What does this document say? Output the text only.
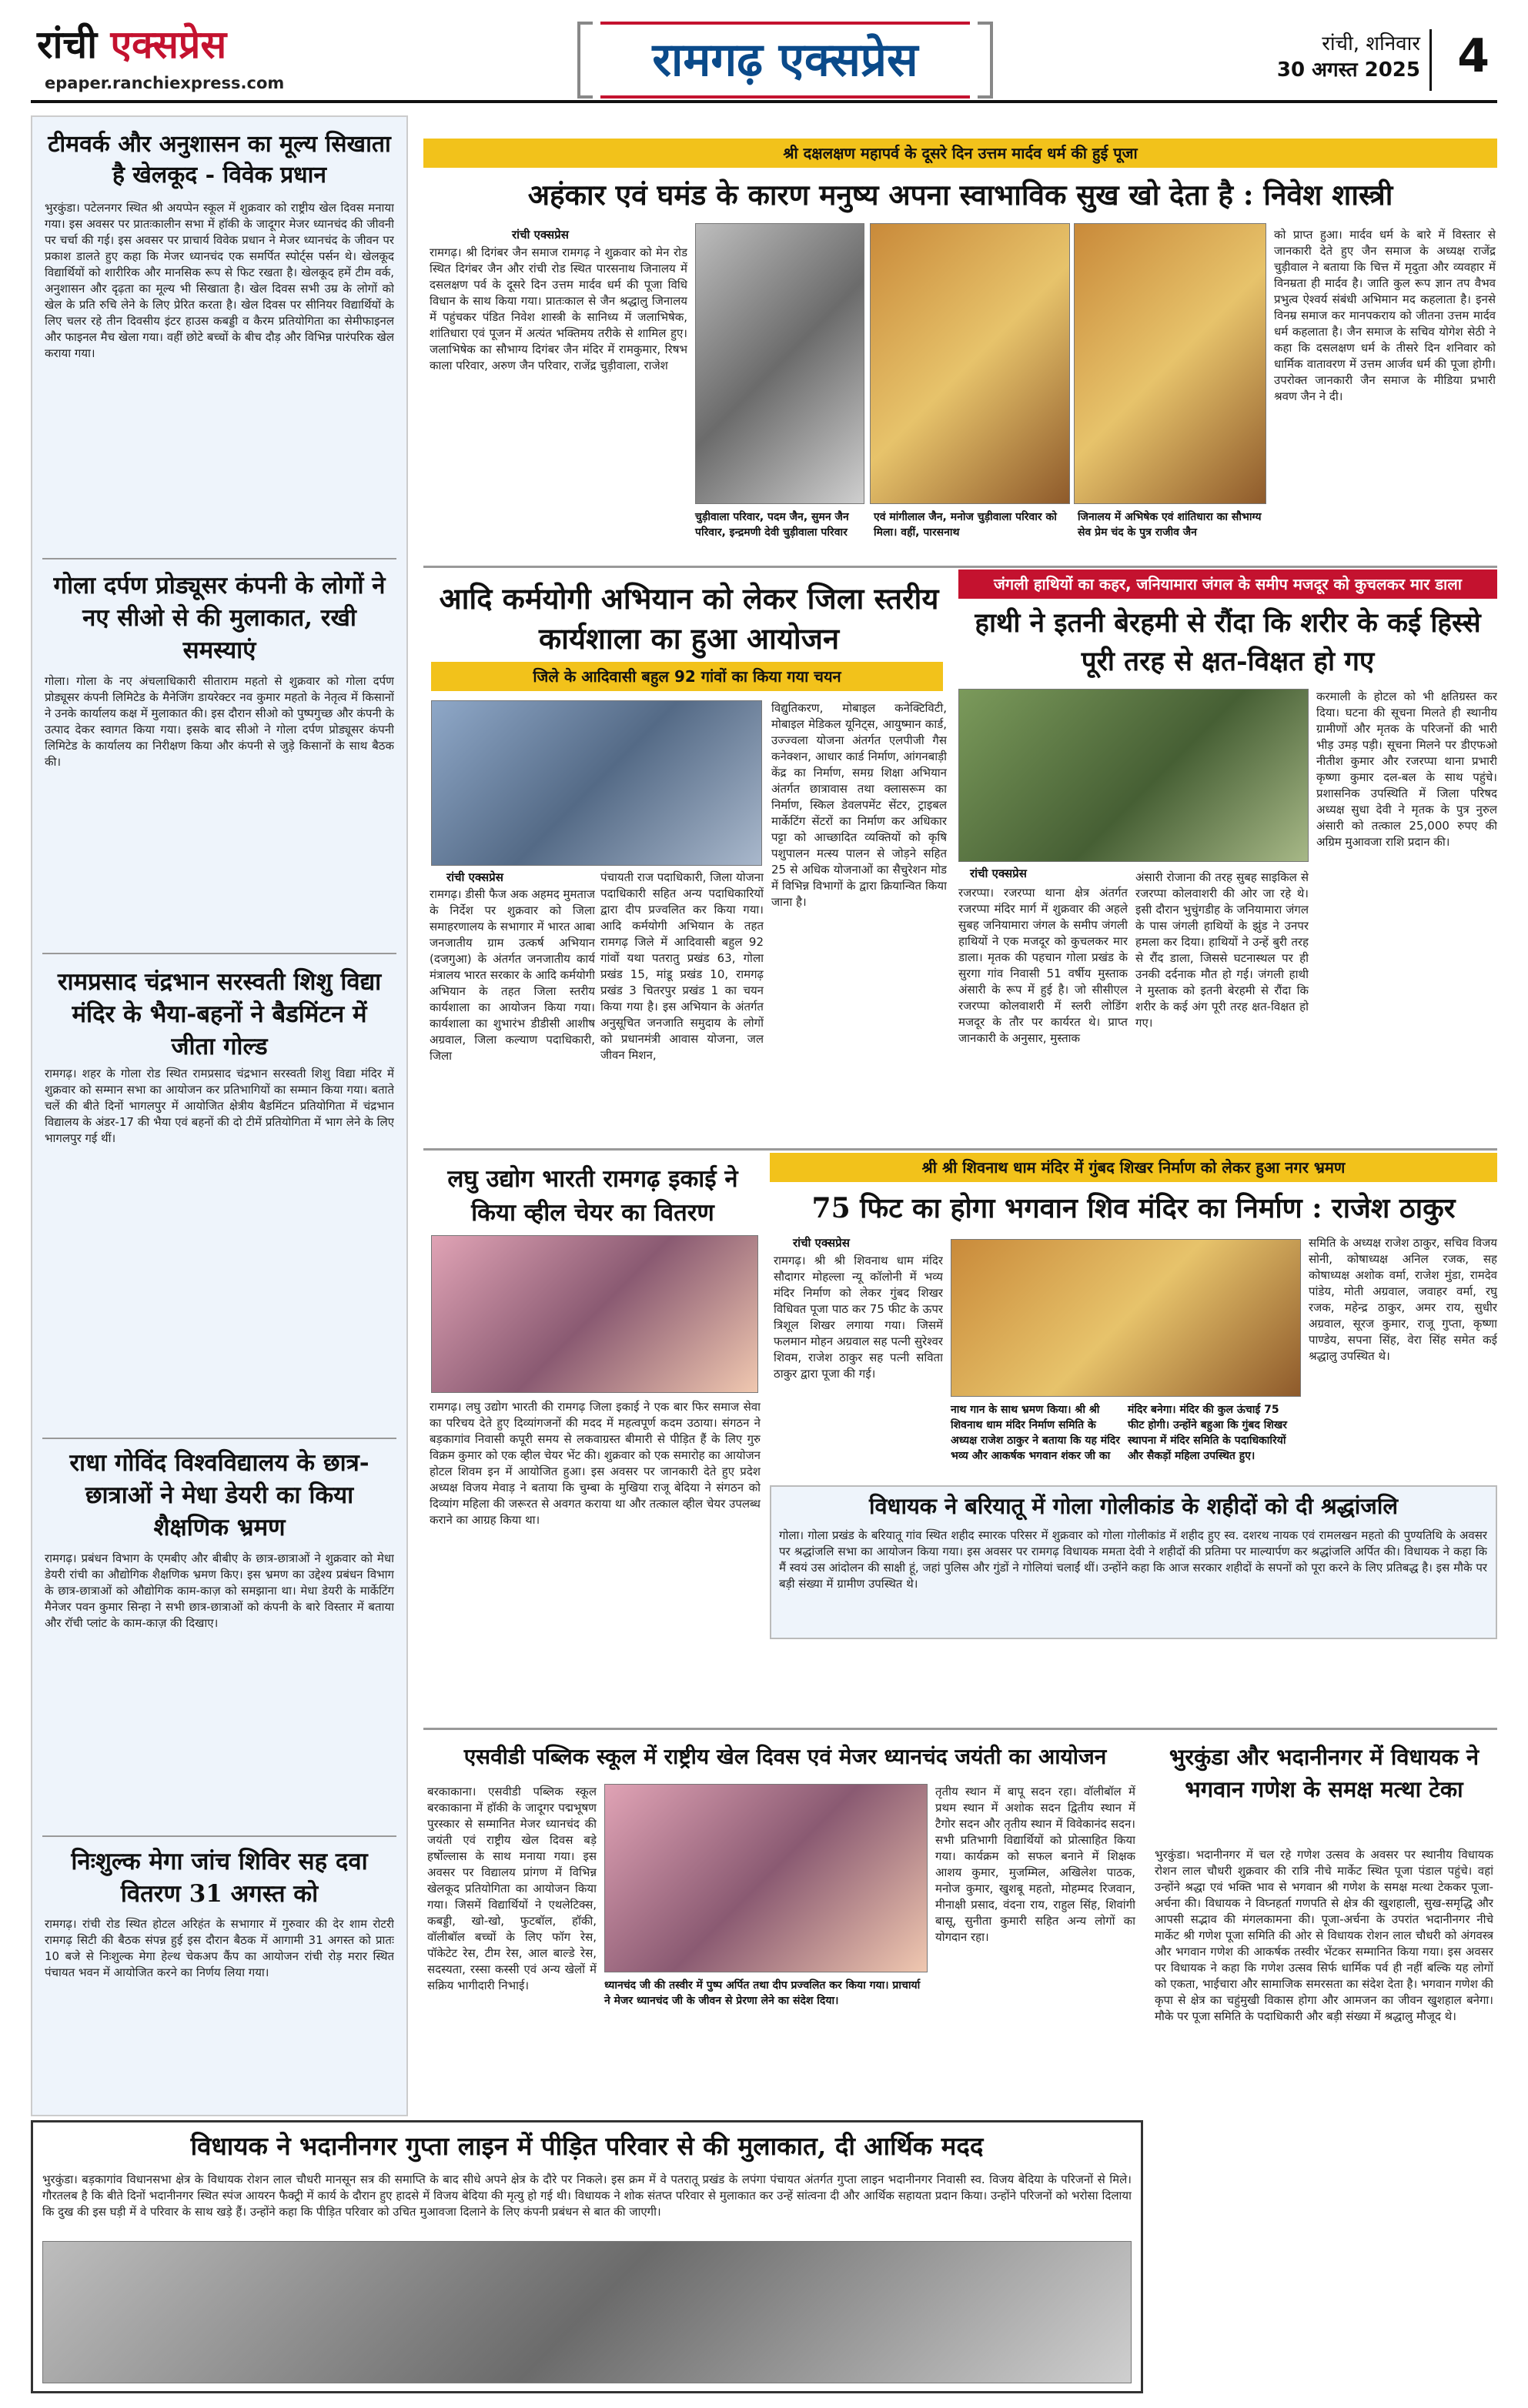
रांची एक्सप्रेस
epaper.ranchiexpress.com	रामगढ़ एक्सप्रेस	रांची, शनिवार
30 अगस्त 2025 4
टीमवर्क और अनुशासन का मूल्य सिखाता है खेलकूद - विवेक प्रधान
भुरकुंडा। पटेलनगर स्थित श्री अयप्पेन स्कूल में शुक्रवार को राष्ट्रीय खेल दिवस मनाया गया। इस अवसर पर प्रातःकालीन सभा में हॉकी के जादूगर मेजर ध्यानचंद की जीवनी पर चर्चा की गई। इस अवसर पर प्राचार्य विवेक प्रधान ने मेजर ध्यानचंद के जीवन पर प्रकाश डालते हुए कहा कि मेजर ध्यानचंद एक समर्पित स्पोर्ट्स पर्सन थे। खेलकूद विद्यार्थियों को शारीरिक और मानसिक रूप से फिट रखता है। खेलकूद हमें टीम वर्क, अनुशासन और दृढ़ता का मूल्य भी सिखाता है। खेल दिवस सभी उम्र के लोगों को खेल के प्रति रुचि लेने के लिए प्रेरित करता है। खेल दिवस पर सीनियर विद्यार्थियों के लिए चलर रहे तीन दिवसीय इंटर हाउस कबड्डी व कैरम प्रतियोगिता का सेमीफाइनल और फाइनल मैच खेला गया। वहीं छोटे बच्चों के बीच दौड़ और विभिन्न पारंपरिक खेल कराया गया।
गोला दर्पण प्रोड्यूसर कंपनी के लोगों ने नए सीओ से की मुलाकात, रखी समस्याएं
गोला। गोला के नए अंचलाधिकारी सीताराम महतो से शुक्रवार को गोला दर्पण प्रोड्यूसर कंपनी लिमिटेड के मैनेजिंग डायरेक्टर नव कुमार महतो के नेतृत्व में किसानों ने उनके कार्यालय कक्ष में मुलाकात की। इस दौरान सीओ को पुष्पगुच्छ और कंपनी के उत्पाद देकर स्वागत किया गया। इसके बाद सीओ ने गोला दर्पण प्रोड्यूसर कंपनी लिमिटेड के कार्यालय का निरीक्षण किया और कंपनी से जुड़े किसानों के साथ बैठक की।
रामप्रसाद चंद्रभान सरस्वती शिशु विद्या मंदिर के भैया-बहनों ने बैडमिंटन में जीता गोल्ड
रामगढ़। शहर के गोला रोड स्थित रामप्रसाद चंद्रभान सरस्वती शिशु विद्या मंदिर में शुक्रवार को सम्मान सभा का आयोजन कर प्रतिभागियों का सम्मान किया गया। बताते चलें की बीते दिनों भागलपुर में आयोजित क्षेत्रीय बैडमिंटन प्रतियोगिता में चंद्रभान विद्यालय के अंडर-17 की भैया एवं बहनों की दो टीमें प्रतियोगिता में भाग लेने के लिए भागलपुर गई थीं।
राधा गोविंद विश्वविद्यालय के छात्र-छात्राओं ने मेधा डेयरी का किया शैक्षणिक भ्रमण
रामगढ़। प्रबंधन विभाग के एमबीए और बीबीए के छात्र-छात्राओं ने शुक्रवार को मेधा डेयरी रांची का औद्योगिक शैक्षणिक भ्रमण किए। इस भ्रमण का उद्देश्य प्रबंधन विभाग के छात्र-छात्राओं को औद्योगिक काम-काज़ को समझाना था। मेधा डेयरी के मार्केटिंग मैनेजर पवन कुमार सिन्हा ने सभी छात्र-छात्राओं को कंपनी के बारे विस्तार में बताया और रॉची प्लांट के काम-काज़ की दिखाए।
निःशुल्क मेगा जांच शिविर सह दवा वितरण 31 अगस्त को
रामगढ़। रांची रोड स्थित होटल अरिहंत के सभागार में गुरुवार की देर शाम रोटरी रामगढ़ सिटी की बैठक संपन्न हुई इस दौरान बैठक में आगामी 31 अगस्त को प्रातः 10 बजे से निःशुल्क मेगा हेल्थ चेकअप कैंप का आयोजन रांची रोड़ मरार स्थित पंचायत भवन में आयोजित करने का निर्णय लिया गया।
श्री दक्षलक्षण महापर्व के दूसरे दिन उत्तम मार्दव धर्म की हुई पूजा
अहंकार एवं घमंड के कारण मनुष्य अपना स्वाभाविक सुख खो देता है : निवेश शास्त्री
रांची एक्सप्रेस
रामगढ़। श्री दिगंबर जैन समाज रामगढ़ ने शुक्रवार को मेन रोड स्थित दिगंबर जैन और रांची रोड स्थित पारसनाथ जिनालय में दसलक्षण पर्व के दूसरे दिन उत्तम मार्दव धर्म की पूजा विधि विधान के साथ किया गया। प्रातःकाल से जैन श्रद्धालु जिनालय में पहुंचकर पंडित निवेश शास्त्री के सानिध्य में जलाभिषेक, शांतिधारा एवं पूजन में अत्यंत भक्तिमय तरीके से शामिल हुए। जलाभिषेक का सौभाग्य दिगंबर जैन मंदिर में रामकुमार, रिषभ काला परिवार, अरुण जैन परिवार, राजेंद्र चुड़ीवाला, राजेश
चुड़ीवाला परिवार, पदम जैन, सुमन जैन परिवार, इन्द्रमणी देवी चुड़ीवाला परिवार
एवं मांगीलाल जैन, मनोज चुड़ीवाला परिवार को मिला। वहीं, पारसनाथ
जिनालय में अभिषेक एवं शांतिधारा का सौभाग्य सेव प्रेम चंद के पुत्र राजीव जैन
को प्राप्त हुआ। मार्दव धर्म के बारे में विस्तार से जानकारी देते हुए जैन समाज के अध्यक्ष राजेंद्र चुड़ीवाल ने बताया कि चित्त में मृदुता और व्यवहार में विनम्रता ही मार्दव है। जाति कुल रूप ज्ञान तप वैभव प्रभुत्व ऐश्वर्य संबंधी अभिमान मद कहलाता है। इनसे विनम्र समाज कर मानपकराय को जीतना उत्तम मार्दव धर्म कहलाता है। जैन समाज के सचिव योगेश सेठी ने कहा कि दसलक्षण धर्म के तीसरे दिन शनिवार को धार्मिक वातावरण में उत्तम आर्जव धर्म की पूजा होगी। उपरोक्त जानकारी जैन समाज के मीडिया प्रभारी श्रवण जैन ने दी।
आदि कर्मयोगी अभियान को लेकर जिला स्तरीय कार्यशाला का हुआ आयोजन
जिले के आदिवासी बहुल 92 गांवों का किया गया चयन
रांची एक्सप्रेस
रामगढ़। डीसी फैज अक अहमद मुमताज के निर्देश पर शुक्रवार को जिला समाहरणालय के सभागार में भारत आबा जनजातीय ग्राम उत्कर्ष अभियान (दजगुआ) के अंतर्गत जनजातीय कार्य मंत्रालय भारत सरकार के आदि कर्मयोगी अभियान के तहत जिला स्तरीय कार्यशाला का आयोजन किया गया। कार्यशाला का शुभारंभ डीडीसी आशीष अग्रवाल, जिला कल्याण पदाधिकारी, जिला
पंचायती राज पदाधिकारी, जिला योजना पदाधिकारी सहित अन्य पदाधिकारियों द्वारा दीप प्रज्वलित कर किया गया। आदि कर्मयोगी अभियान के तहत रामगढ़ जिले में आदिवासी बहुल 92 गांवों यथा पतरातु प्रखंड 63, गोला प्रखंड 15, मांडू प्रखंड 10, रामगढ़ प्रखंड 3 चितरपुर प्रखंड 1 का चयन किया गया है। इस अभियान के अंतर्गत अनुसूचित जनजाति समुदाय के लोगों को प्रधानमंत्री आवास योजना, जल जीवन मिशन,
विद्युतिकरण, मोबाइल कनेक्टिविटी, मोबाइल मेडिकल यूनिट्स, आयुष्मान कार्ड, उज्ज्वला योजना अंतर्गत एलपीजी गैस कनेक्शन, आधार कार्ड निर्माण, आंगनबाड़ी केंद्र का निर्माण, समग्र शिक्षा अभियान अंतर्गत छात्रावास तथा क्लासरूम का निर्माण, स्किल डेवलपमेंट सेंटर, ट्राइबल मार्केटिंग सेंटरों का निर्माण कर अधिकार पट्टा को आच्छादित व्यक्तियों को कृषि पशुपालन मत्स्य पालन से जोड़ने सहित 25 से अधिक योजनाओं का सैचुरेशन मोड में विभिन्न विभागों के द्वारा क्रियान्वित किया जाना है।
जंगली हाथियों का कहर, जनियामारा जंगल के समीप मजदूर को कुचलकर मार डाला
हाथी ने इतनी बेरहमी से रौंदा कि शरीर के कई हिस्से पूरी तरह से क्षत-विक्षत हो गए
रांची एक्सप्रेस
रजरप्पा। रजरप्पा थाना क्षेत्र अंतर्गत रजरप्पा मंदिर मार्ग में शुक्रवार की अहले सुबह जनियामारा जंगल के समीप जंगली हाथियों ने एक मजदूर को कुचलकर मार डाला। मृतक की पहचान गोला प्रखंड के सुरगा गांव निवासी 51 वर्षीय मुस्ताक अंसारी के रूप में हुई है। जो सीसीएल रजरप्पा कोलवाशरी में स्लरी लोडिंग मजदूर के तौर पर कार्यरत थे। प्राप्त जानकारी के अनुसार, मुस्ताक
अंसारी रोजाना की तरह सुबह साइकिल से रजरप्पा कोलवाशरी की ओर जा रहे थे। इसी दौरान भुचुंगडीह के जनियामारा जंगल के पास जंगली हाथियों के झुंड ने उनपर हमला कर दिया। हाथियों ने उन्हें बुरी तरह से रौंद डाला, जिससे घटनास्थल पर ही उनकी दर्दनाक मौत हो गई। जंगली हाथी ने मुस्ताक को इतनी बेरहमी से रौंदा कि शरीर के कई अंग पूरी तरह क्षत-विक्षत हो गए।
करमाली के होटल को भी क्षतिग्रस्त कर दिया। घटना की सूचना मिलते ही स्थानीय ग्रामीणों और मृतक के परिजनों की भारी भीड़ उमड़ पड़ी। सूचना मिलने पर डीएफओ नीतीश कुमार और रजरप्पा थाना प्रभारी कृष्णा कुमार दल-बल के साथ पहुंचे। प्रशासनिक उपस्थिति में जिला परिषद अध्यक्ष सुधा देवी ने मृतक के पुत्र नुरुल अंसारी को तत्काल 25,000 रुपए की अग्रिम मुआवजा राशि प्रदान की।
लघु उद्योग भारती रामगढ़ इकाई ने किया व्हील चेयर का वितरण
रामगढ़। लघु उद्योग भारती की रामगढ़ जिला इकाई ने एक बार फिर समाज सेवा का परिचय देते हुए दिव्यांगजनों की मदद में महत्वपूर्ण कदम उठाया। संगठन ने बड़कागांव निवासी कपूरी समय से लकवाग्रस्त बीमारी से पीड़ित हैं के लिए गुरु विक्रम कुमार को एक व्हील चेयर भेंट की। शुक्रवार को एक समारोह का आयोजन होटल शिवम इन में आयोजित हुआ। इस अवसर पर जानकारी देते हुए प्रदेश अध्यक्ष विजय मेवाड़ ने बताया कि चुम्बा के मुखिया राजू बेदिया ने संगठन को दिव्यांग महिला की जरूरत से अवगत कराया था और तत्काल व्हील चेयर उपलब्ध कराने का आग्रह किया था।
श्री श्री शिवनाथ धाम मंदिर में गुंबद शिखर निर्माण को लेकर हुआ नगर भ्रमण
75 फिट का होगा भगवान शिव मंदिर का निर्माण : राजेश ठाकुर
रांची एक्सप्रेस
रामगढ़। श्री श्री शिवनाथ धाम मंदिर सौदागर मोहल्ला न्यू कॉलोनी में भव्य मंदिर निर्माण को लेकर गुंबद शिखर विधिवत पूजा पाठ कर 75 फीट के ऊपर त्रिशूल शिखर लगाया गया। जिसमें फलमान मोहन अग्रवाल सह पत्नी सुरेश्वर शिवम, राजेश ठाकुर सह पत्नी सविता ठाकुर द्वारा पूजा की गई।
नाथ गान के साथ भ्रमण किया। श्री श्री शिवनाथ धाम मंदिर निर्माण समिति के अध्यक्ष राजेश ठाकुर ने बताया कि यह मंदिर भव्य और आकर्षक भगवान शंकर जी का
मंदिर बनेगा। मंदिर की कुल ऊंचाई 75 फीट होगी। उन्होंने बहुआ कि गुंबद शिखर स्थापना में मंदिर समिति के पदाधिकारियों और सैकड़ों महिला उपस्थित हुए।
समिति के अध्यक्ष राजेश ठाकुर, सचिव विजय सोनी, कोषाध्यक्ष अनिल रजक, सह कोषाध्यक्ष अशोक वर्मा, राजेश मुंडा, रामदेव पांडेय, मोती अग्रवाल, जवाहर वर्मा, रघु रजक, महेन्द्र ठाकुर, अमर राय, सुधीर अग्रवाल, सूरज कुमार, राजू गुप्ता, कृष्णा पाण्डेय, सपना सिंह, वेरा सिंह समेत कई श्रद्धालु उपस्थित थे।
विधायक ने बरियातू में गोला गोलीकांड के शहीदों को दी श्रद्धांजलि
गोला। गोला प्रखंड के बरियातू गांव स्थित शहीद स्मारक परिसर में शुक्रवार को गोला गोलीकांड में शहीद हुए स्व. दशरथ नायक एवं रामलखन महतो की पुण्यतिथि के अवसर पर श्रद्धांजलि सभा का आयोजन किया गया। इस अवसर पर रामगढ़ विधायक ममता देवी ने शहीदों की प्रतिमा पर माल्यार्पण कर श्रद्धांजलि अर्पित की। विधायक ने कहा कि मैं स्वयं उस आंदोलन की साक्षी हूं, जहां पुलिस और गुंडों ने गोलियां चलाईं थीं। उन्होंने कहा कि आज सरकार शहीदों के सपनों को पूरा करने के लिए प्रतिबद्ध है। इस मौके पर बड़ी संख्या में ग्रामीण उपस्थित थे।
एसवीडी पब्लिक स्कूल में राष्ट्रीय खेल दिवस एवं मेजर ध्यानचंद जयंती का आयोजन
बरकाकाना। एसवीडी पब्लिक स्कूल बरकाकाना में हॉकी के जादूगर पद्मभूषण पुरस्कार से सम्मानित मेजर ध्यानचंद की जयंती एवं राष्ट्रीय खेल दिवस बड़े हर्षोल्लास के साथ मनाया गया। इस अवसर पर विद्यालय प्रांगण में विभिन्न खेलकूद प्रतियोगिता का आयोजन किया गया। जिसमें विद्यार्थियों ने एथलेटिक्स, कबड्डी, खो-खो, फुटबॉल, हॉकी, वॉलीबॉल बच्चों के लिए फॉग रेस, पॉकेटेट रेस, टीम रेस, आल बाल्डे रेस, सदस्यता, रस्सा कस्सी एवं अन्य खेलों में सक्रिय भागीदारी निभाई।	ध्यानचंद जी की तस्वीर में पुष्प अर्पित तथा दीप प्रज्वलित कर किया गया। प्राचार्या ने मेजर ध्यानचंद जी के जीवन से प्रेरणा लेने का संदेश दिया।
तृतीय स्थान में बापू सदन रहा। वॉलीबॉल में प्रथम स्थान में अशोक सदन द्वितीय स्थान में टैगोर सदन और तृतीय स्थान में विवेकानंद सदन। सभी प्रतिभागी विद्यार्थियों को प्रोत्साहित किया गया। कार्यक्रम को सफल बनाने में शिक्षक आशय कुमार, मुजम्मिल, अखिलेश पाठक, मनोज कुमार, खुशबू महतो, मोहम्मद रिजवान, मीनाक्षी प्रसाद, वंदना राय, राहुल सिंह, शिवांगी बासू, सुनीता कुमारी सहित अन्य लोगों का योगदान रहा।
भुरकुंडा और भदानीनगर में विधायक ने भगवान गणेश के समक्ष मत्था टेका
भुरकुंडा। भदानीनगर में चल रहे गणेश उत्सव के अवसर पर स्थानीय विधायक रोशन लाल चौधरी शुक्रवार की रात्रि नीचे मार्केट स्थित पूजा पंडाल पहुंचे। वहां उन्होंने श्रद्धा एवं भक्ति भाव से भगवान श्री गणेश के समक्ष मत्था टेककर पूजा-अर्चना की। विधायक ने विघ्नहर्ता गणपति से क्षेत्र की खुशहाली, सुख-समृद्धि और आपसी सद्भाव की मंगलकामना की। पूजा-अर्चना के उपरांत भदानीनगर नीचे मार्केट श्री गणेश पूजा समिति की ओर से विधायक रोशन लाल चौधरी को अंगवस्त्र और भगवान गणेश की आकर्षक तस्वीर भेंटकर सम्मानित किया गया। इस अवसर पर विधायक ने कहा कि गणेश उत्सव सिर्फ धार्मिक पर्व ही नहीं बल्कि यह लोगों को एकता, भाईचारा और सामाजिक समरसता का संदेश देता है। भगवान गणेश की कृपा से क्षेत्र का चहुंमुखी विकास होगा और आमजन का जीवन खुशहाल बनेगा। मौके पर पूजा समिति के पदाधिकारी और बड़ी संख्या में श्रद्धालु मौजूद थे।
विधायक ने भदानीनगर गुप्ता लाइन में पीड़ित परिवार से की मुलाकात, दी आर्थिक मदद
भुरकुंडा। बड़कागांव विधानसभा क्षेत्र के विधायक रोशन लाल चौधरी मानसून सत्र की समाप्ति के बाद सीधे अपने क्षेत्र के दौरे पर निकले। इस क्रम में वे पतरातू प्रखंड के लपंगा पंचायत अंतर्गत गुप्ता लाइन भदानीनगर निवासी स्व. विजय बेदिया के परिजनों से मिले। गौरतलब है कि बीते दिनों भदानीनगर स्थित स्पंज आयरन फैक्ट्री में कार्य के दौरान हुए हादसे में विजय बेदिया की मृत्यु हो गई थी। विधायक ने शोक संतप्त परिवार से मुलाकात कर उन्हें सांत्वना दी और आर्थिक सहायता प्रदान किया। उन्होंने परिजनों को भरोसा दिलाया कि दुख की इस घड़ी में वे परिवार के साथ खड़े हैं। उन्होंने कहा कि पीड़ित परिवार को उचित मुआवजा दिलाने के लिए कंपनी प्रबंधन से बात की जाएगी।
